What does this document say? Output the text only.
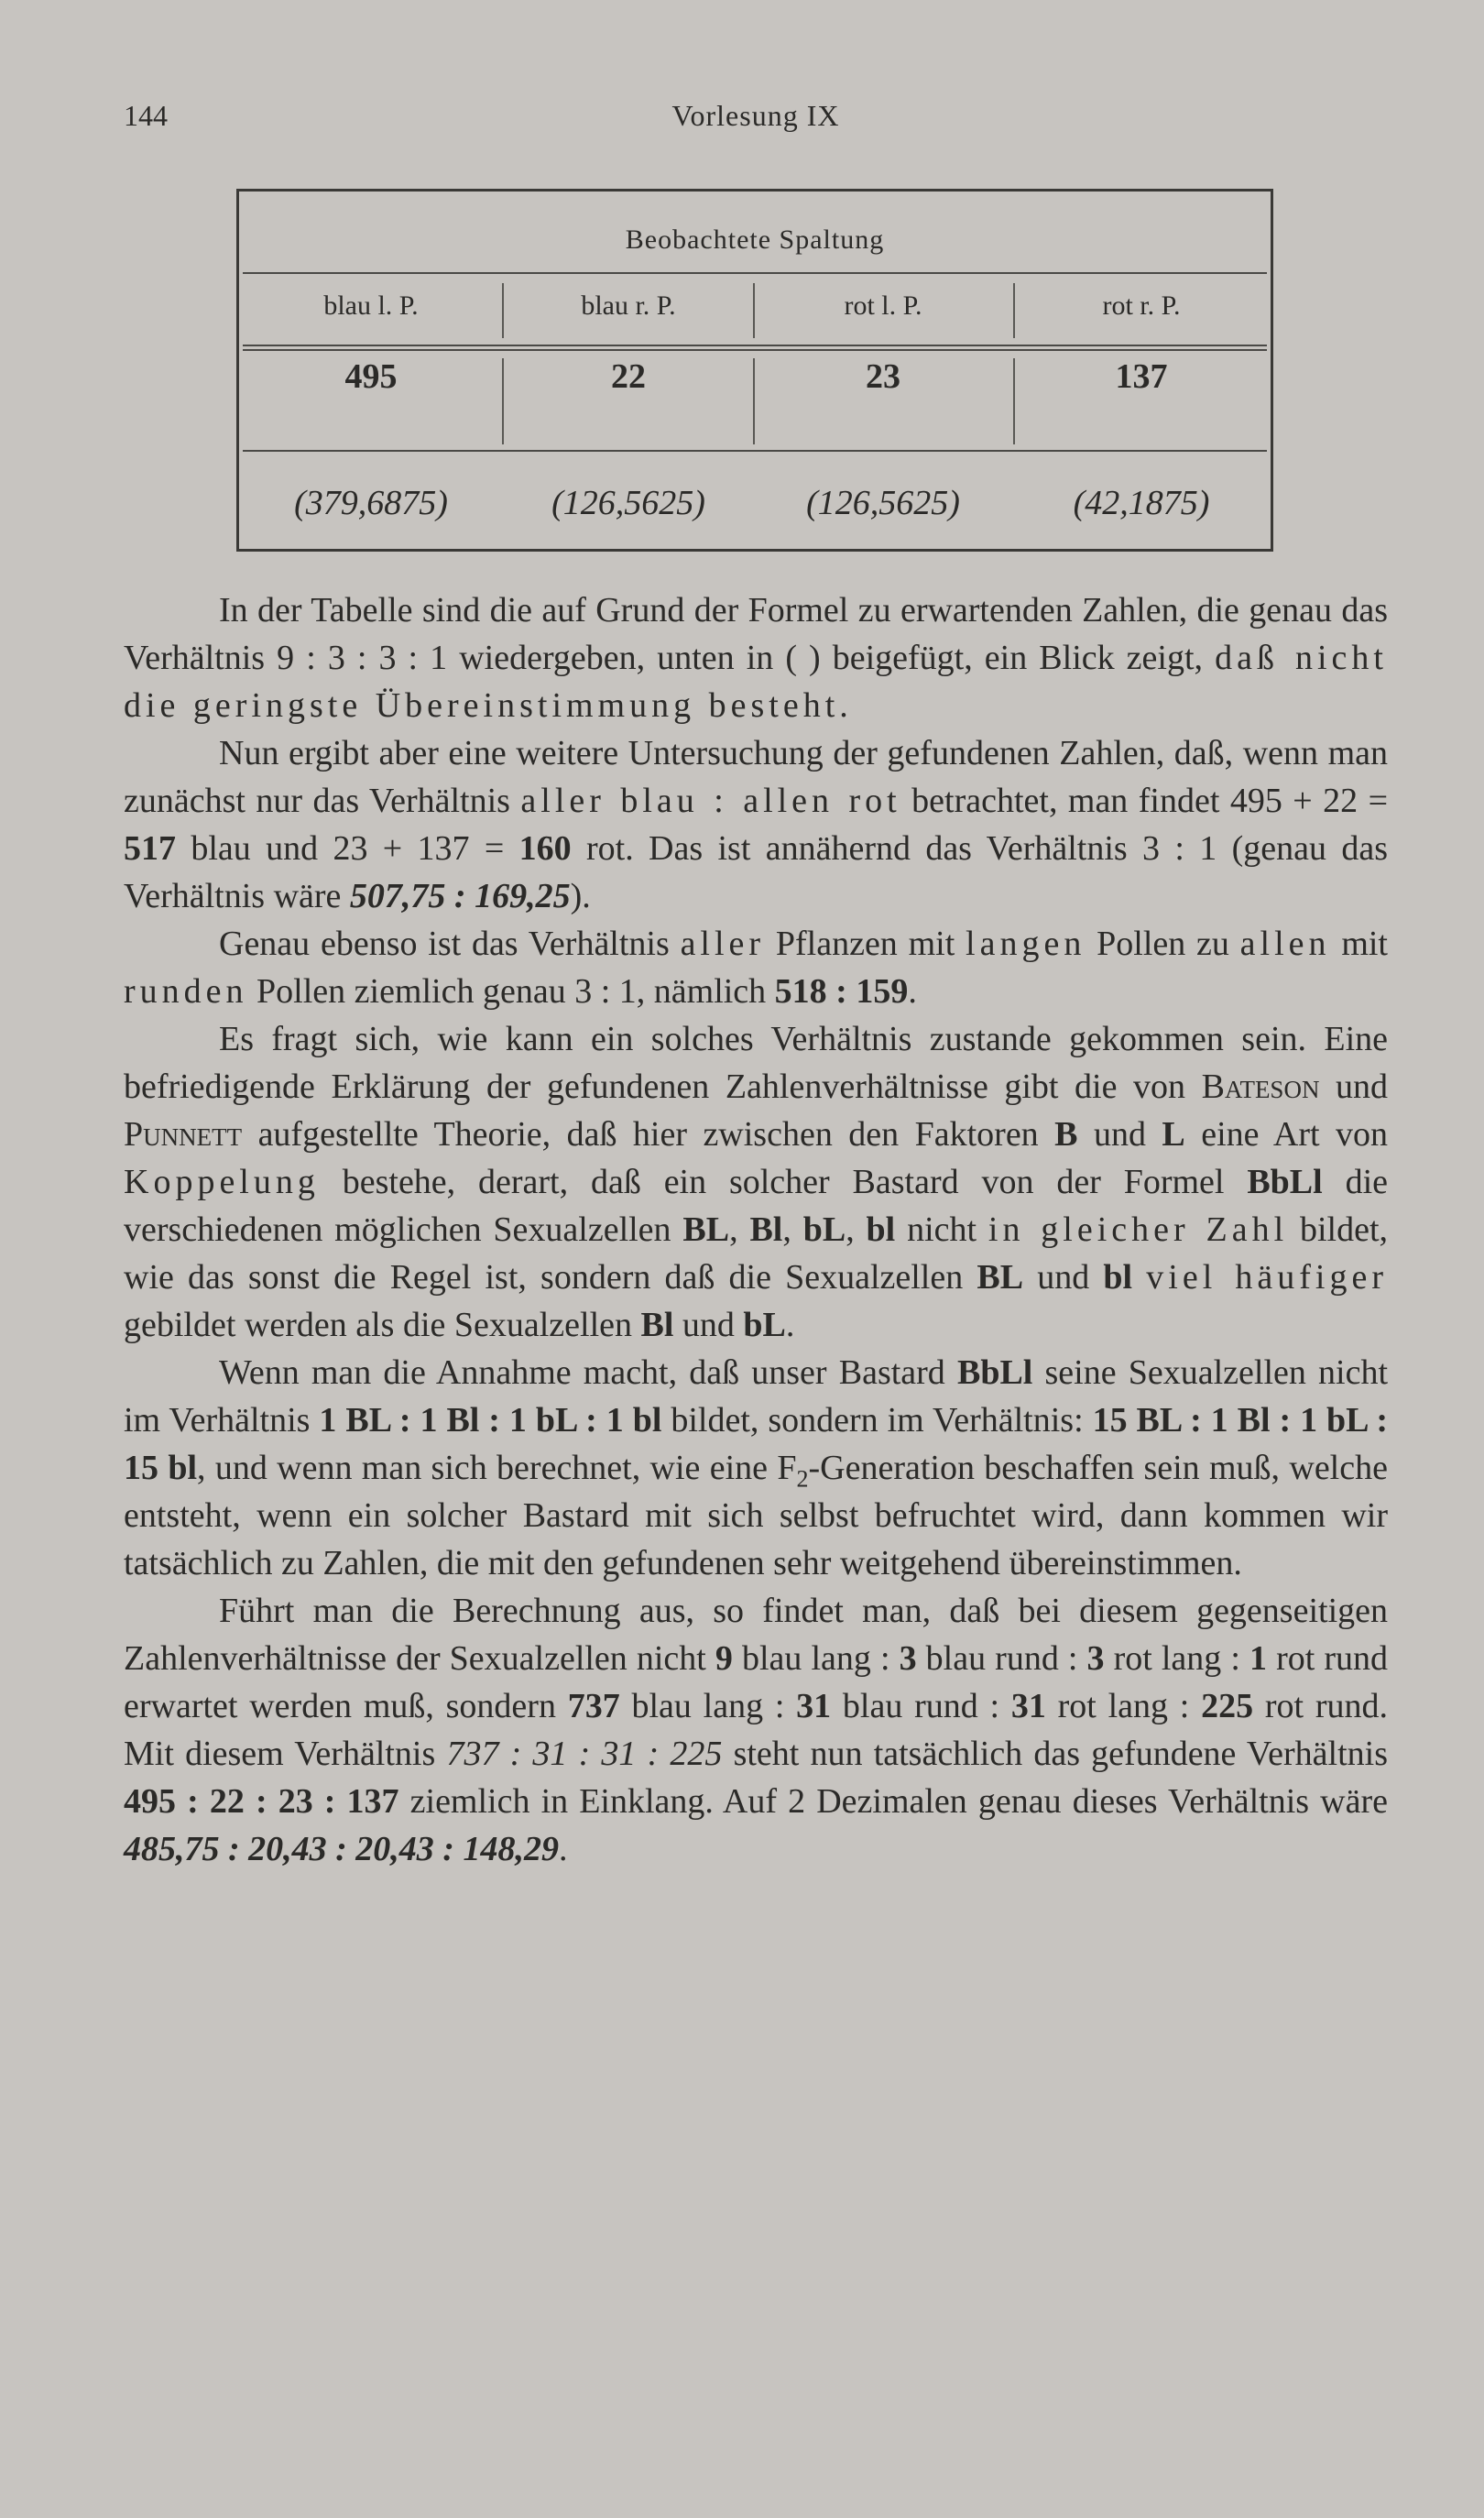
144	Vorlesung IX
Beobachtete Spaltung
blau l. P.	blau r. P.	rot l. P.	rot r. P.
495	22	23	137
(379,6875)	(126,5625)	(126,5625)	(42,1875)

In der Tabelle sind die auf Grund der Formel zu erwartenden Zahlen, die genau das Verhältnis 9 : 3 : 3 : 1 wiedergeben, unten in ( ) beigefügt, ein Blick zeigt, daß nicht die geringste Übereinstimmung besteht.

Nun ergibt aber eine weitere Untersuchung der gefundenen Zahlen, daß, wenn man zunächst nur das Verhältnis aller blau : allen rot betrachtet, man findet 495 + 22 = 517 blau und 23 + 137 = 160 rot. Das ist annähernd das Verhältnis 3 : 1 (genau das Verhältnis wäre 507,75 : 169,25).

Genau ebenso ist das Verhältnis aller Pflanzen mit langen Pollen zu allen mit runden Pollen ziemlich genau 3 : 1, nämlich 518 : 159.

Es fragt sich, wie kann ein solches Verhältnis zustande gekommen sein. Eine befriedigende Erklärung der gefundenen Zahlenverhältnisse gibt die von Bateson und Punnett aufgestellte Theorie, daß hier zwischen den Faktoren B und L eine Art von Koppelung bestehe, derart, daß ein solcher Bastard von der Formel BbLl die verschiedenen möglichen Sexualzellen BL, Bl, bL, bl nicht in gleicher Zahl bildet, wie das sonst die Regel ist, sondern daß die Sexualzellen BL und bl viel häufiger gebildet werden als die Sexualzellen Bl und bL.

Wenn man die Annahme macht, daß unser Bastard BbLl seine Sexualzellen nicht im Verhältnis 1 BL : 1 Bl : 1 bL : 1 bl bildet, sondern im Verhältnis: 15 BL : 1 Bl : 1 bL : 15 bl, und wenn man sich berechnet, wie eine $F_2$-Generation beschaffen sein muß, welche entsteht, wenn ein solcher Bastard mit sich selbst befruchtet wird, dann kommen wir tatsächlich zu Zahlen, die mit den gefundenen sehr weitgehend übereinstimmen.

Führt man die Berechnung aus, so findet man, daß bei diesem gegenseitigen Zahlenverhältnisse der Sexualzellen nicht 9 blau lang : 3 blau rund : 3 rot lang : 1 rot rund erwartet werden muß, sondern 737 blau lang : 31 blau rund : 31 rot lang : 225 rot rund. Mit diesem Verhältnis 737 : 31 : 31 : 225 steht nun tatsächlich das gefundene Verhältnis 495 : 22 : 23 : 137 ziemlich in Einklang. Auf 2 Dezimalen genau dieses Verhältnis wäre 485,75 : 20,43 : 20,43 : 148,29.
